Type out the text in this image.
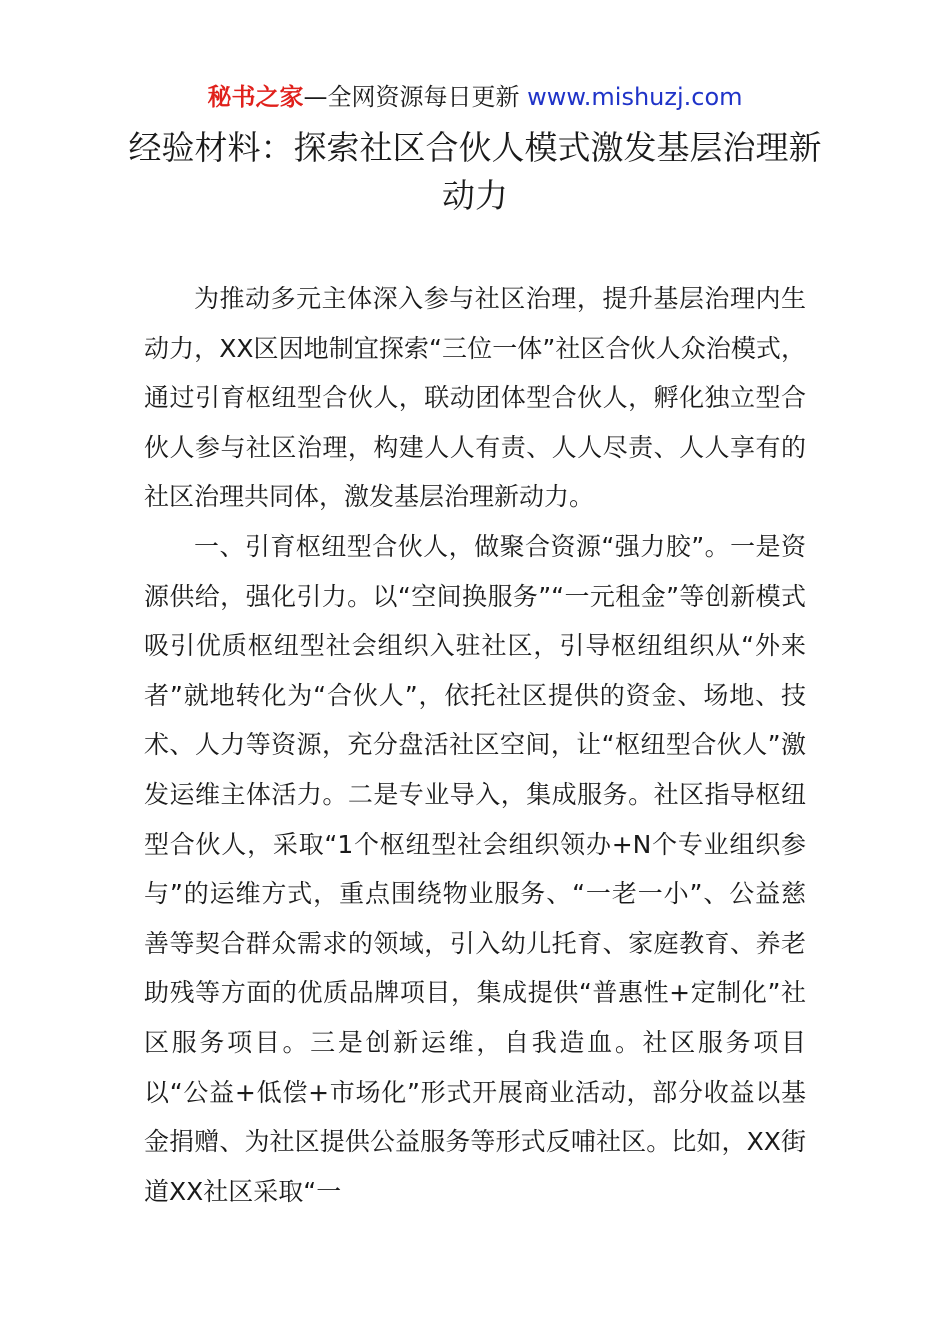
秘书之家—全网资源每日更新 www.mishuzj.com
经验材料：探索社区合伙人模式激发基层治理新动力

为推动多元主体深入参与社区治理，提升基层治理内生动力，XX区因地制宜探索“三位一体”社区合伙人众治模式，通过引育枢纽型合伙人，联动团体型合伙人，孵化独立型合伙人参与社区治理，构建人人有责、人人尽责、人人享有的社区治理共同体，激发基层治理新动力。

一、引育枢纽型合伙人，做聚合资源“强力胶”。一是资源供给，强化引力。以“空间换服务”“一元租金”等创新模式吸引优质枢纽型社会组织入驻社区，引导枢纽组织从“外来者”就地转化为“合伙人”，依托社区提供的资金、场地、技术、人力等资源，充分盘活社区空间，让“枢纽型合伙人”激发运维主体活力。二是专业导入，集成服务。社区指导枢纽型合伙人，采取“1个枢纽型社会组织领办+N个专业组织参与”的运维方式，重点围绕物业服务、“一老一小”、公益慈善等契合群众需求的领域，引入幼儿托育、家庭教育、养老助残等方面的优质品牌项目，集成提供“普惠性+定制化”社区服务项目。三是创新运维，自我造血。社区服务项目以“公益+低偿+市场化”形式开展商业活动，部分收益以基金捐赠、为社区提供公益服务等形式反哺社区。比如，XX街道XX社区采取“一
